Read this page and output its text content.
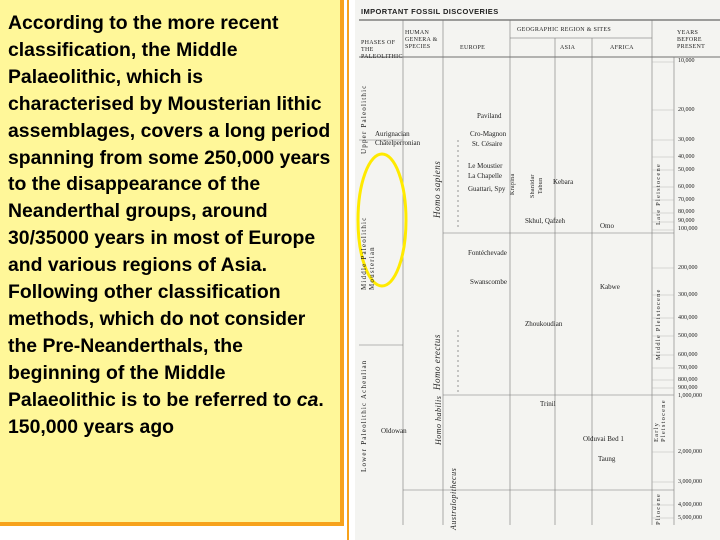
According to the more recent classification, the Middle Palaeolithic, which is characterised by Mousterian lithic assemblages, covers a long period spanning from some 250,000 years to the disappearance of the Neanderthal groups, around 30/35000 years in most of Europe and various regions of Asia. Following other classification methods, which do not consider the Pre-Neanderthals, the beginning of the Middle Palaeolithic is to be referred to ca. 150,000 years ago

IMPORTANT FOSSIL DISCOVERIES
PHASES OF THE PALEOLITHIC
HUMAN GENERA & SPECIES
GEOGRAPHIC REGION & SITES
EUROPE	ASIA	AFRICA
YEARS BEFORE PRESENT
Upper Paleolithic
Middle Paleolithic Mousterian
Lower Paleolithic Acheulian
Aurignacian
Châtelperronian
Oldowan
Homo sapiens
Homo erectus
Homo habilis
Australopithecus
Paviland
Cro-Magnon
St. Césaire
Le Moustier
La Chapelle
Guattari, Spy Krapina Shanidar Tabun Kebara
Skhul, Qafzeh
Omo
Fontéchevade
Swanscombe
Kabwe
Zhoukoudian
Trinil
Olduvai Bed 1
Taung
Late Pleistocene
Middle Pleistocene
Early Pleistocene
Pliocene
10,000
20,000
30,000
40,000
50,000
60,000
70,000
80,000
90,000
100,000
200,000
300,000
400,000
500,000
600,000
700,000
800,000
900,000
1,000,000
2,000,000
3,000,000
4,000,000
5,000,000
